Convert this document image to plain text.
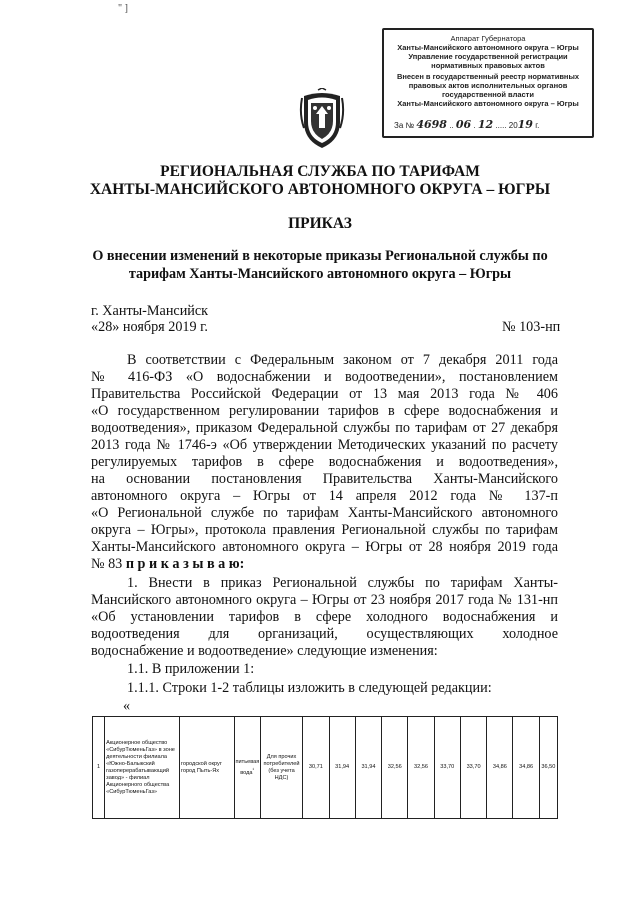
" ]
Аппарат Губернатора
Ханты-Мансийского автономного округа – Югры
Управление государственной регистрации
нормативных правовых актов
Внесен в государственный реестр нормативных
правовых актов исполнительных органов
государственной власти
Ханты-Мансийского автономного округа – Югры
За № 4698 .. 06 . 12 ..... 2019 г.
РЕГИОНАЛЬНАЯ СЛУЖБА ПО ТАРИФАМ
ХАНТЫ-МАНСИЙСКОГО АВТОНОМНОГО ОКРУГА – ЮГРЫ
ПРИКАЗ
О внесении изменений в некоторые приказы Региональной службы по
тарифам Ханты-Мансийского автономного округа – Югры
г. Ханты-Мансийск
«28» ноября 2019 г.	№ 103-нп
В соответствии с Федеральным законом от 7 декабря 2011 года
№ 416-ФЗ «О водоснабжении и водоотведении», постановлением
Правительства Российской Федерации от 13 мая 2013 года № 406
«О государственном регулировании тарифов в сфере водоснабжения и
водоотведения», приказом Федеральной службы по тарифам от 27 декабря
2013 года № 1746-э «Об утверждении Методических указаний по расчету
регулируемых тарифов в сфере водоснабжения и водоотведения»,
на основании постановления Правительства Ханты-Мансийского
автономного округа – Югры от 14 апреля 2012 года № 137-п
«О Региональной службе по тарифам Ханты-Мансийского автономного
округа – Югры», протокола правления Региональной службы по тарифам
Ханты-Мансийского автономного округа – Югры от 28 ноября 2019 года
№ 83 п р и к а з ы в а ю:
1. Внести в приказ Региональной службы по тарифам Ханты-
Мансийского автономного округа – Югры от 23 ноября 2017 года № 131-нп
«Об установлении тарифов в сфере холодного водоснабжения и
водоотведения для организаций, осуществляющих холодное
водоснабжение и водоотведение» следующие изменения:
1.1. В приложении 1:
1.1.1. Строки 1-2 таблицы изложить в следующей редакции:
«
1	Акционерное общество «СибурТюменьГаз» в зоне деятельности филиала «Южно-Балыкский газоперерабатывающий завод» - филиал Акционерного общества «СибурТюменьГаз»	городской округ город Пыть-Ях	питьевая вода$^{^1}$	Для прочих потребителей (без учета НДС)	30,71	31,94	31,94	32,56	32,56	33,70	33,70	34,86	34,86	36,50
